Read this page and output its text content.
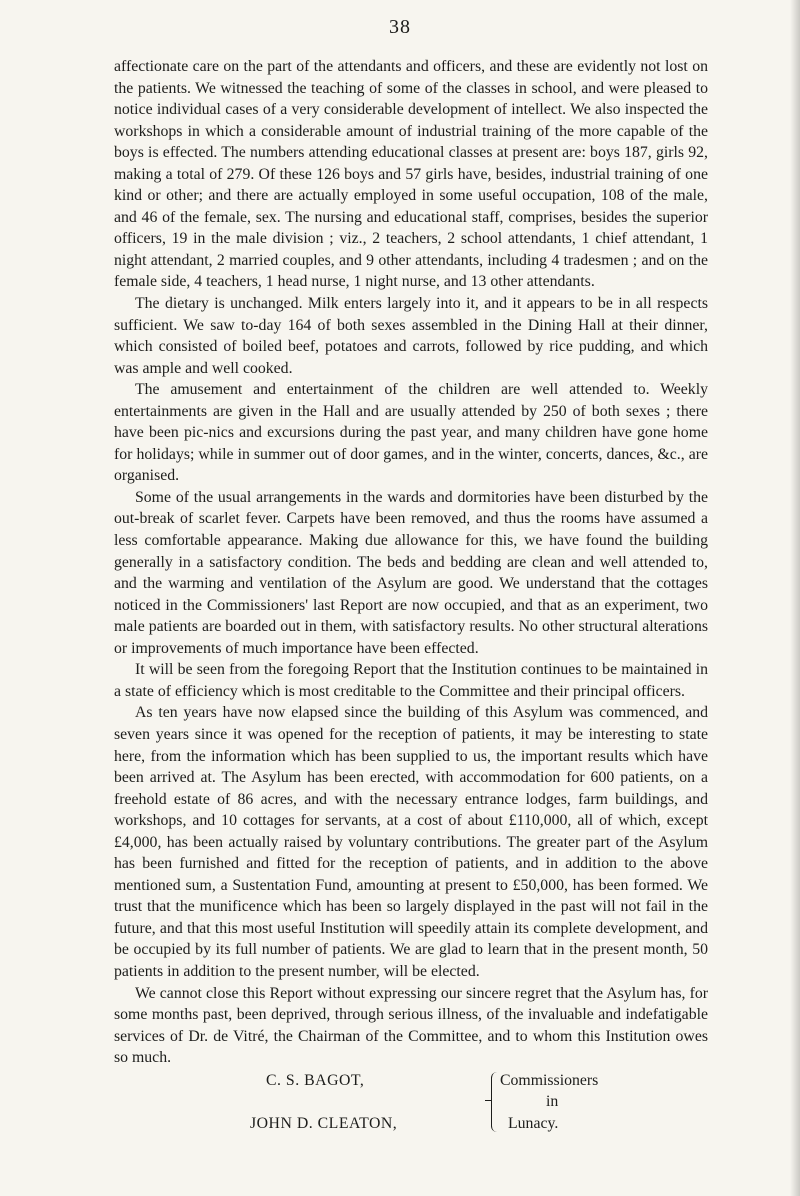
38

affectionate care on the part of the attendants and officers, and these are evidently not lost on the patients. We witnessed the teaching of some of the classes in school, and were pleased to notice individual cases of a very considerable development of intellect. We also inspected the workshops in which a considerable amount of industrial training of the more capable of the boys is effected. The numbers attending educational classes at present are: boys 187, girls 92, making a total of 279. Of these 126 boys and 57 girls have, besides, industrial training of one kind or other; and there are actually employed in some useful occupation, 108 of the male, and 46 of the female, sex. The nursing and educational staff, comprises, besides the superior officers, 19 in the male division ; viz., 2 teachers, 2 school attendants, 1 chief attendant, 1 night attendant, 2 married couples, and 9 other attendants, including 4 tradesmen ; and on the female side, 4 teachers, 1 head nurse, 1 night nurse, and 13 other attendants.

The dietary is unchanged. Milk enters largely into it, and it appears to be in all respects sufficient. We saw to-day 164 of both sexes assembled in the Dining Hall at their dinner, which consisted of boiled beef, potatoes and carrots, followed by rice pudding, and which was ample and well cooked.

The amusement and entertainment of the children are well attended to. Weekly entertainments are given in the Hall and are usually attended by 250 of both sexes ; there have been pic-nics and excursions during the past year, and many children have gone home for holidays; while in summer out of door games, and in the winter, concerts, dances, &c., are organised.

Some of the usual arrangements in the wards and dormitories have been disturbed by the out-break of scarlet fever. Carpets have been removed, and thus the rooms have assumed a less comfortable appearance. Making due allowance for this, we have found the building generally in a satisfactory condition. The beds and bedding are clean and well attended to, and the warming and ventilation of the Asylum are good. We understand that the cottages noticed in the Commissioners' last Report are now occupied, and that as an experiment, two male patients are boarded out in them, with satisfactory results. No other structural alterations or improvements of much importance have been effected.

It will be seen from the foregoing Report that the Institution continues to be maintained in a state of efficiency which is most creditable to the Committee and their principal officers.

As ten years have now elapsed since the building of this Asylum was commenced, and seven years since it was opened for the reception of patients, it may be interesting to state here, from the information which has been supplied to us, the important results which have been arrived at. The Asylum has been erected, with accommodation for 600 patients, on a freehold estate of 86 acres, and with the necessary entrance lodges, farm buildings, and workshops, and 10 cottages for servants, at a cost of about £110,000, all of which, except £4,000, has been actually raised by voluntary contributions. The greater part of the Asylum has been furnished and fitted for the reception of patients, and in addition to the above mentioned sum, a Sustentation Fund, amounting at present to £50,000, has been formed. We trust that the munificence which has been so largely displayed in the past will not fail in the future, and that this most useful Institution will speedily attain its complete development, and be occupied by its full number of patients. We are glad to learn that in the present month, 50 patients in addition to the present number, will be elected.

We cannot close this Report without expressing our sincere regret that the Asylum has, for some months past, been deprived, through serious illness, of the invaluable and indefatigable services of Dr. de Vitré, the Chairman of the Committee, and to whom this Institution owes so much.

C. S. BAGOT,
JOHN D. CLEATON,
Commissioners
in
Lunacy.
